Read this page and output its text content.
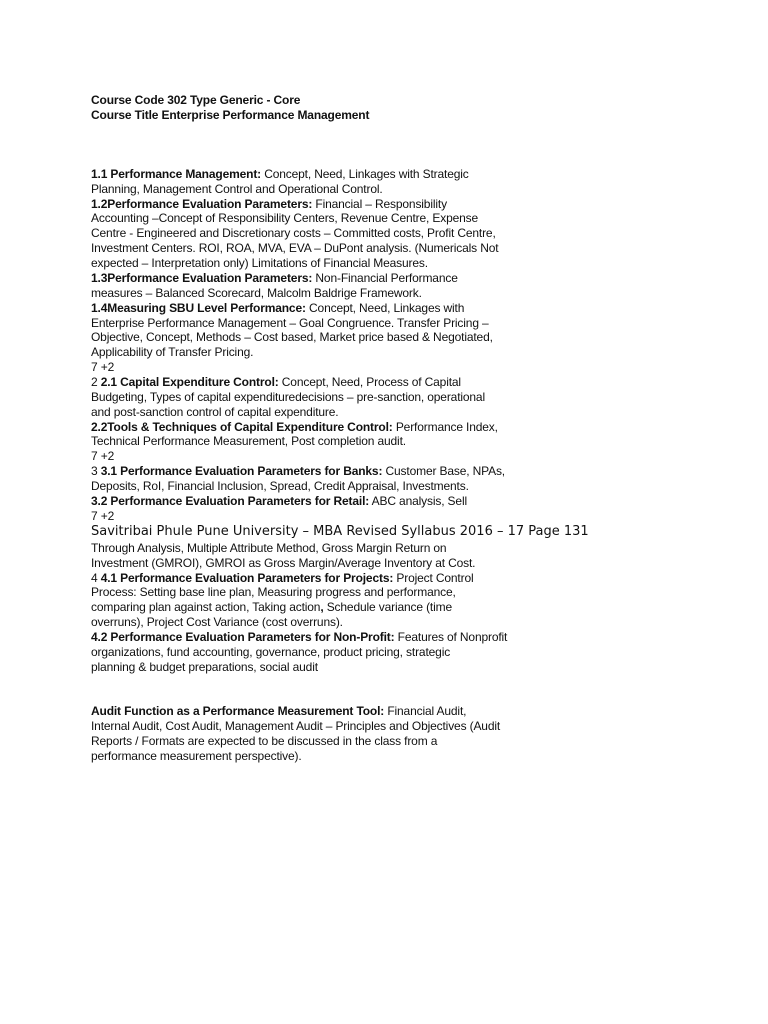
Course Code 302 Type Generic - Core
Course Title Enterprise Performance Management
1.1 Performance Management: Concept, Need, Linkages with Strategic
Planning, Management Control and Operational Control.
1.2Performance Evaluation Parameters: Financial – Responsibility
Accounting –Concept of Responsibility Centers, Revenue Centre, Expense
Centre - Engineered and Discretionary costs – Committed costs, Profit Centre,
Investment Centers. ROI, ROA, MVA, EVA – DuPont analysis. (Numericals Not
expected – Interpretation only) Limitations of Financial Measures.
1.3Performance Evaluation Parameters: Non-Financial Performance
measures – Balanced Scorecard, Malcolm Baldrige Framework.
1.4Measuring SBU Level Performance: Concept, Need, Linkages with
Enterprise Performance Management – Goal Congruence. Transfer Pricing –
Objective, Concept, Methods – Cost based, Market price based & Negotiated,
Applicability of Transfer Pricing.
7 +2
2 2.1 Capital Expenditure Control: Concept, Need, Process of Capital
Budgeting, Types of capital expendituredecisions – pre-sanction, operational
and post-sanction control of capital expenditure.
2.2Tools & Techniques of Capital Expenditure Control: Performance Index,
Technical Performance Measurement, Post completion audit.
7 +2
3 3.1 Performance Evaluation Parameters for Banks: Customer Base, NPAs,
Deposits, RoI, Financial Inclusion, Spread, Credit Appraisal, Investments.
3.2 Performance Evaluation Parameters for Retail: ABC analysis, Sell
7 +2
Savitribai Phule Pune University – MBA Revised Syllabus 2016 – 17 Page 131
Through Analysis, Multiple Attribute Method, Gross Margin Return on
Investment (GMROI), GMROI as Gross Margin/Average Inventory at Cost.
4 4.1 Performance Evaluation Parameters for Projects: Project Control
Process: Setting base line plan, Measuring progress and performance,
comparing plan against action, Taking action, Schedule variance (time
overruns), Project Cost Variance (cost overruns).
4.2 Performance Evaluation Parameters for Non-Profit: Features of Nonprofit
organizations, fund accounting, governance, product pricing, strategic
planning & budget preparations, social audit
Audit Function as a Performance Measurement Tool: Financial Audit,
Internal Audit, Cost Audit, Management Audit – Principles and Objectives (Audit
Reports / Formats are expected to be discussed in the class from a
performance measurement perspective).
